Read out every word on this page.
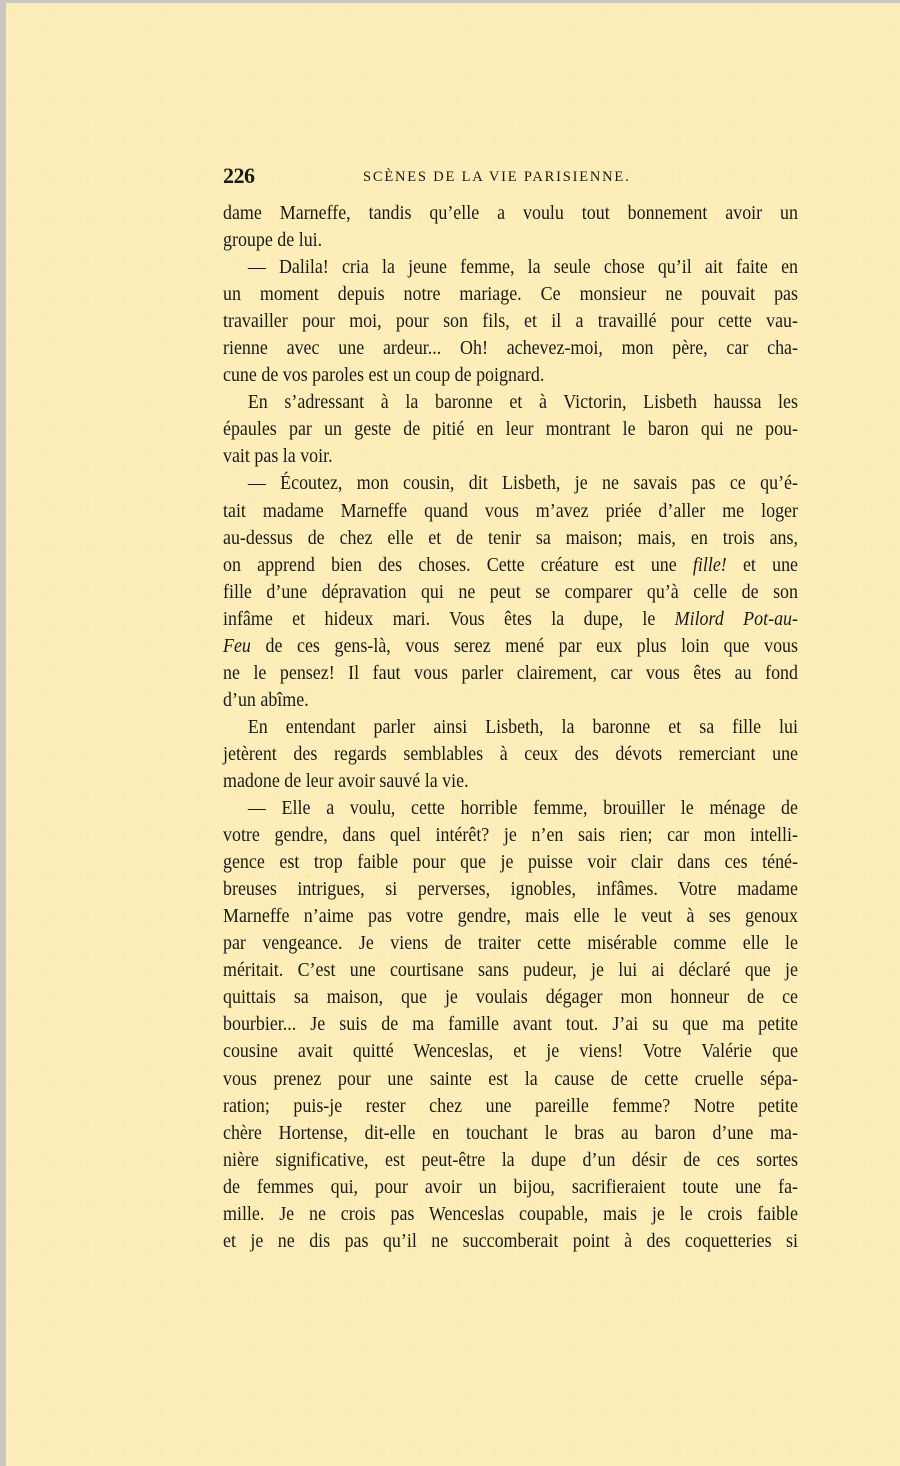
226	SCÈNES DE LA VIE PARISIENNE.
dame Marneffe, tandis qu’elle a voulu tout bonnement avoir un
groupe de lui.
— Dalila! cria la jeune femme, la seule chose qu’il ait faite en
un moment depuis notre mariage. Ce monsieur ne pouvait pas
travailler pour moi, pour son fils, et il a travaillé pour cette vau-
rienne avec une ardeur... Oh! achevez-moi, mon père, car cha-
cune de vos paroles est un coup de poignard.
En s’adressant à la baronne et à Victorin, Lisbeth haussa les
épaules par un geste de pitié en leur montrant le baron qui ne pou-
vait pas la voir.
— Écoutez, mon cousin, dit Lisbeth, je ne savais pas ce qu’é-
tait madame Marneffe quand vous m’avez priée d’aller me loger
au-dessus de chez elle et de tenir sa maison; mais, en trois ans,
on apprend bien des choses. Cette créature est une fille! et une
fille d’une dépravation qui ne peut se comparer qu’à celle de son
infâme et hideux mari. Vous êtes la dupe, le Milord Pot-au-
Feu de ces gens-là, vous serez mené par eux plus loin que vous
ne le pensez! Il faut vous parler clairement, car vous êtes au fond
d’un abîme.
En entendant parler ainsi Lisbeth, la baronne et sa fille lui
jetèrent des regards semblables à ceux des dévots remerciant une
madone de leur avoir sauvé la vie.
— Elle a voulu, cette horrible femme, brouiller le ménage de
votre gendre, dans quel intérêt? je n’en sais rien; car mon intelli-
gence est trop faible pour que je puisse voir clair dans ces téné-
breuses intrigues, si perverses, ignobles, infâmes. Votre madame
Marneffe n’aime pas votre gendre, mais elle le veut à ses genoux
par vengeance. Je viens de traiter cette misérable comme elle le
méritait. C’est une courtisane sans pudeur, je lui ai déclaré que je
quittais sa maison, que je voulais dégager mon honneur de ce
bourbier... Je suis de ma famille avant tout. J’ai su que ma petite
cousine avait quitté Wenceslas, et je viens! Votre Valérie que
vous prenez pour une sainte est la cause de cette cruelle sépa-
ration; puis-je rester chez une pareille femme? Notre petite
chère Hortense, dit-elle en touchant le bras au baron d’une ma-
nière significative, est peut-être la dupe d’un désir de ces sortes
de femmes qui, pour avoir un bijou, sacrifieraient toute une fa-
mille. Je ne crois pas Wenceslas coupable, mais je le crois faible
et je ne dis pas qu’il ne succomberait point à des coquetteries si
